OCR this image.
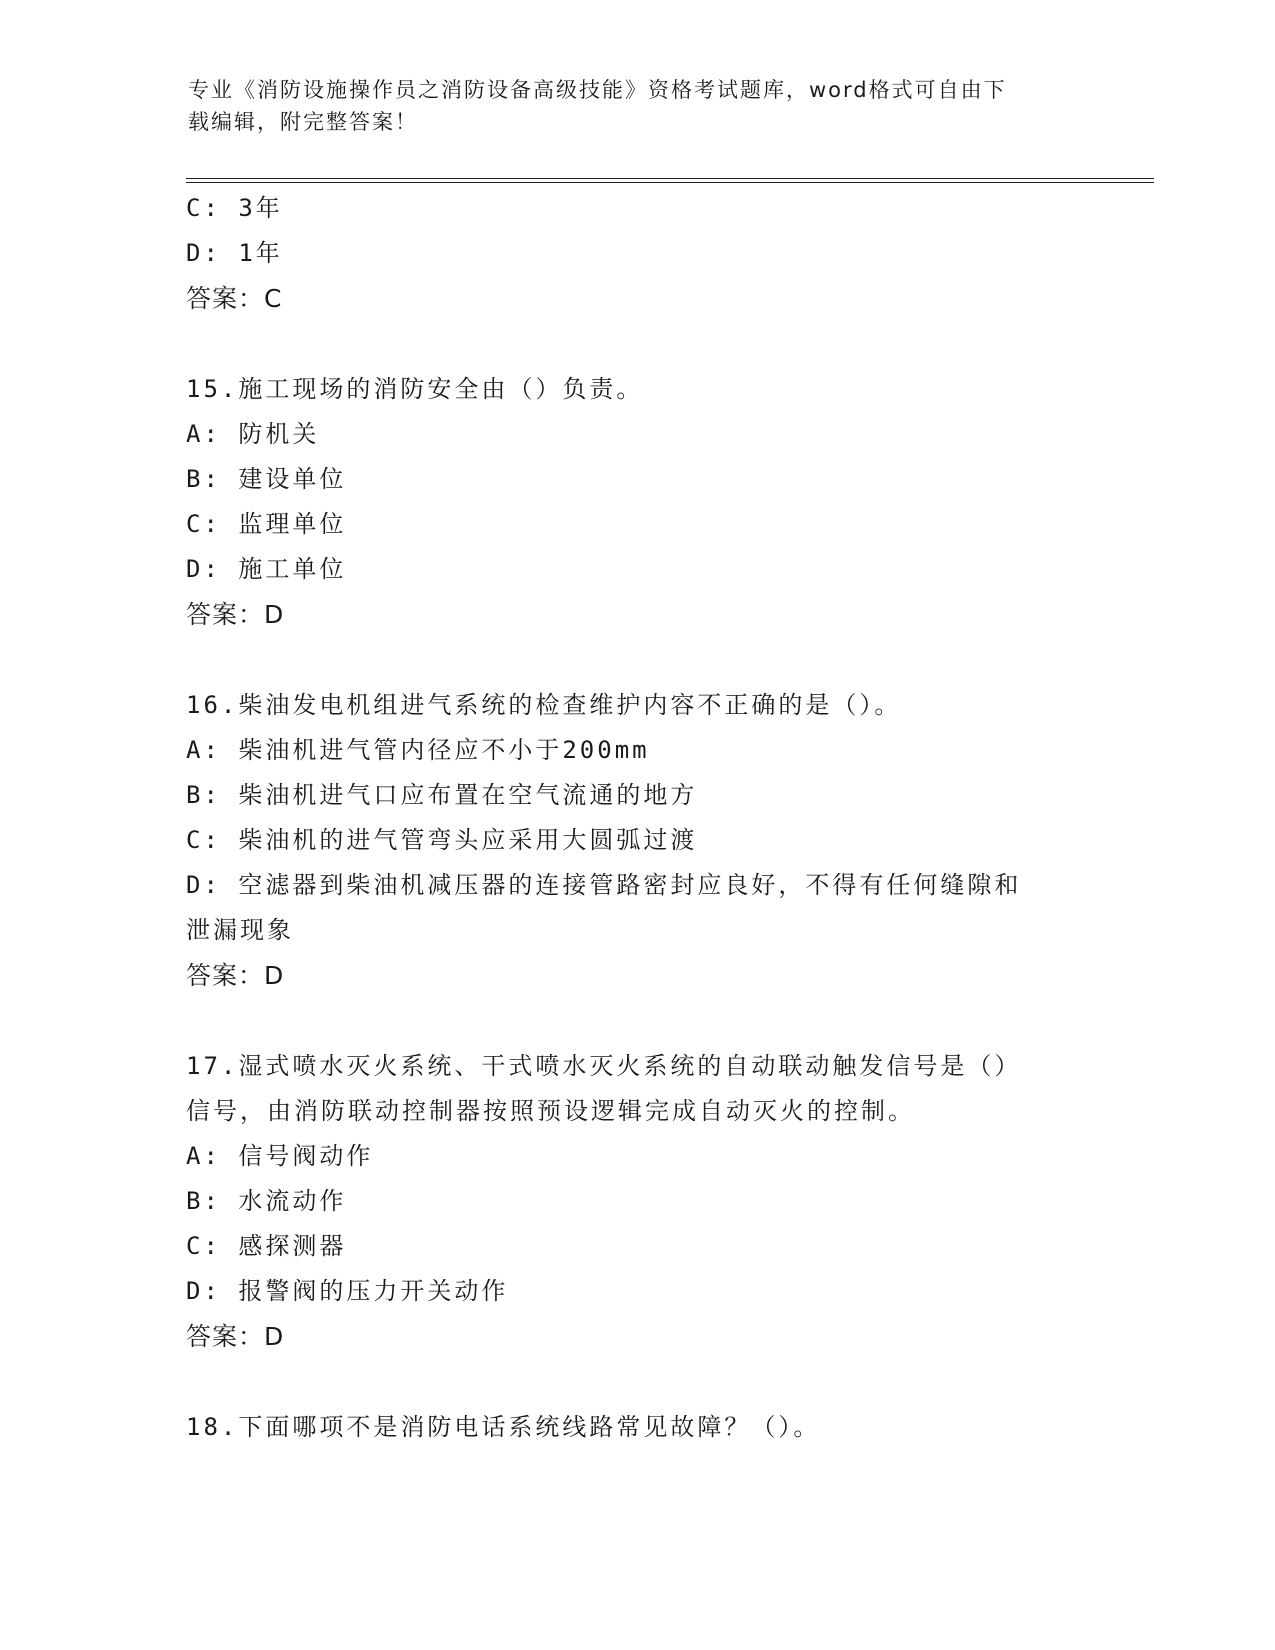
专业《消防设施操作员之消防设备高级技能》资格考试题库，word格式可自由下
载编辑，附完整答案！
C: 3年
D: 1年
答案：C
15.施工现场的消防安全由（）负责。
A: 防机关
B: 建设单位
C: 监理单位
D: 施工单位
答案：D
16.柴油发电机组进气系统的检查维护内容不正确的是（）。
A: 柴油机进气管内径应不小于200mm
B: 柴油机进气口应布置在空气流通的地方
C: 柴油机的进气管弯头应采用大圆弧过渡
D: 空滤器到柴油机减压器的连接管路密封应良好，不得有任何缝隙和
泄漏现象
答案：D
17.湿式喷水灭火系统、干式喷水灭火系统的自动联动触发信号是（）
信号，由消防联动控制器按照预设逻辑完成自动灭火的控制。
A: 信号阀动作
B: 水流动作
C: 感探测器
D: 报警阀的压力开关动作
答案：D
18.下面哪项不是消防电话系统线路常见故障？（）。
